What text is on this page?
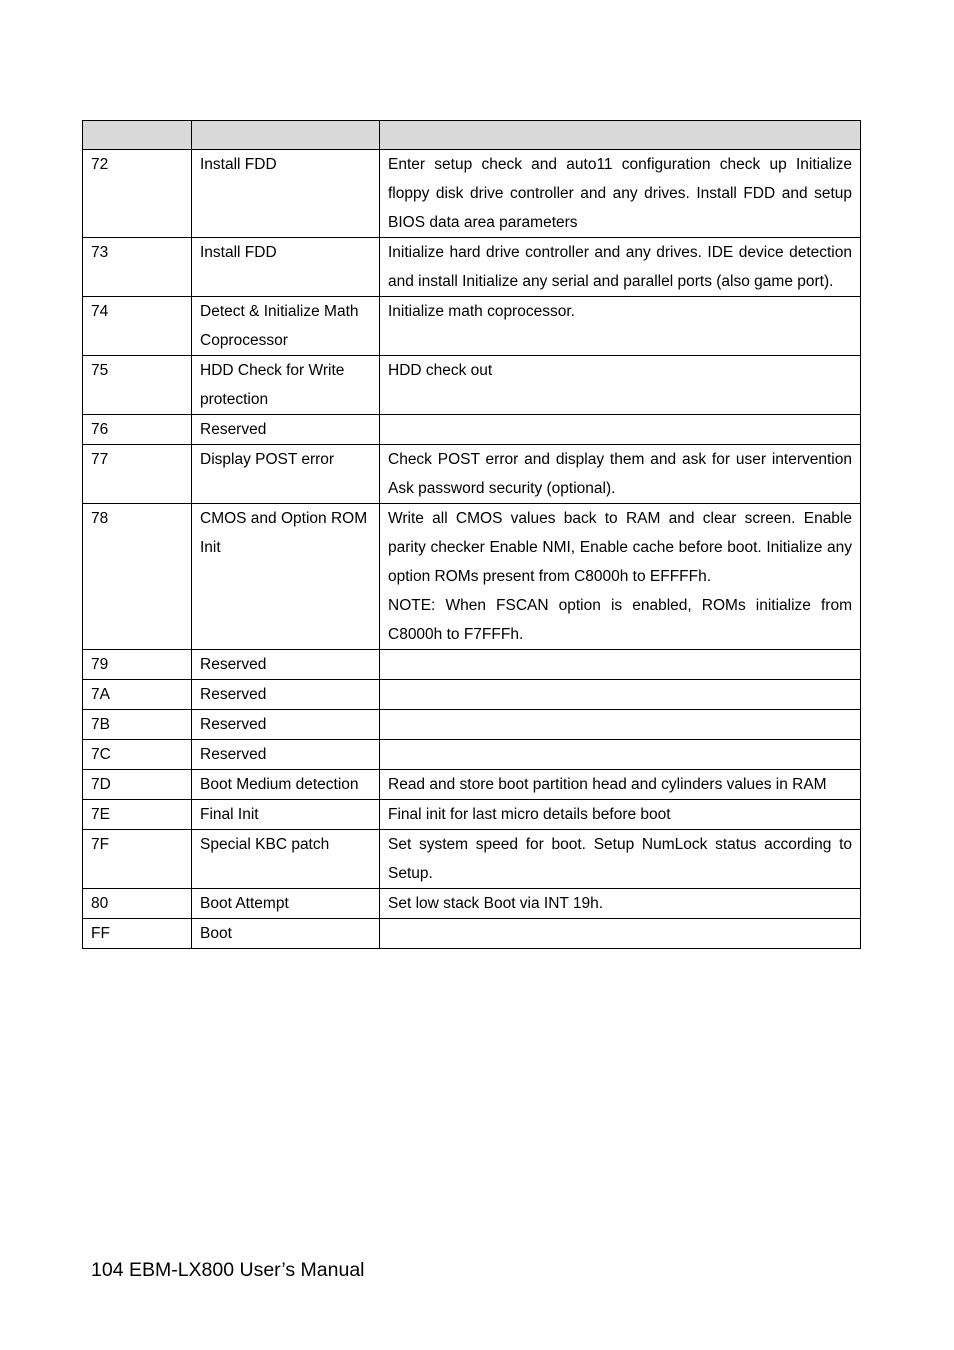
72	Install FDD	Enter setup check and auto11 configuration check up Initialize floppy disk drive controller and any drives. Install FDD and setup BIOS data area parameters

73	Install FDD	Initialize hard drive controller and any drives. IDE device detection and install Initialize any serial and parallel ports (also game port).

74	Detect & Initialize Math Coprocessor	Initialize math coprocessor.

75	HDD Check for Write protection	HDD check out

76	Reserved	

77	Display POST error	Check POST error and display them and ask for user intervention Ask password security (optional).

78	CMOS and Option ROM Init	Write all CMOS values back to RAM and clear screen. Enable parity checker Enable NMI, Enable cache before boot. Initialize any option ROMs present from C8000h to EFFFFh.
NOTE: When FSCAN option is enabled, ROMs initialize from C8000h to F7FFFh.

79	Reserved	

7A	Reserved	

7B	Reserved	

7C	Reserved	

7D	Boot Medium detection	Read and store boot partition head and cylinders values in RAM

7E	Final Init	Final init for last micro details before boot

7F	Special KBC patch	Set system speed for boot. Setup NumLock status according to Setup.

80	Boot Attempt	Set low stack Boot via INT 19h.

FF	Boot	

104 EBM-LX800 User’s Manual
